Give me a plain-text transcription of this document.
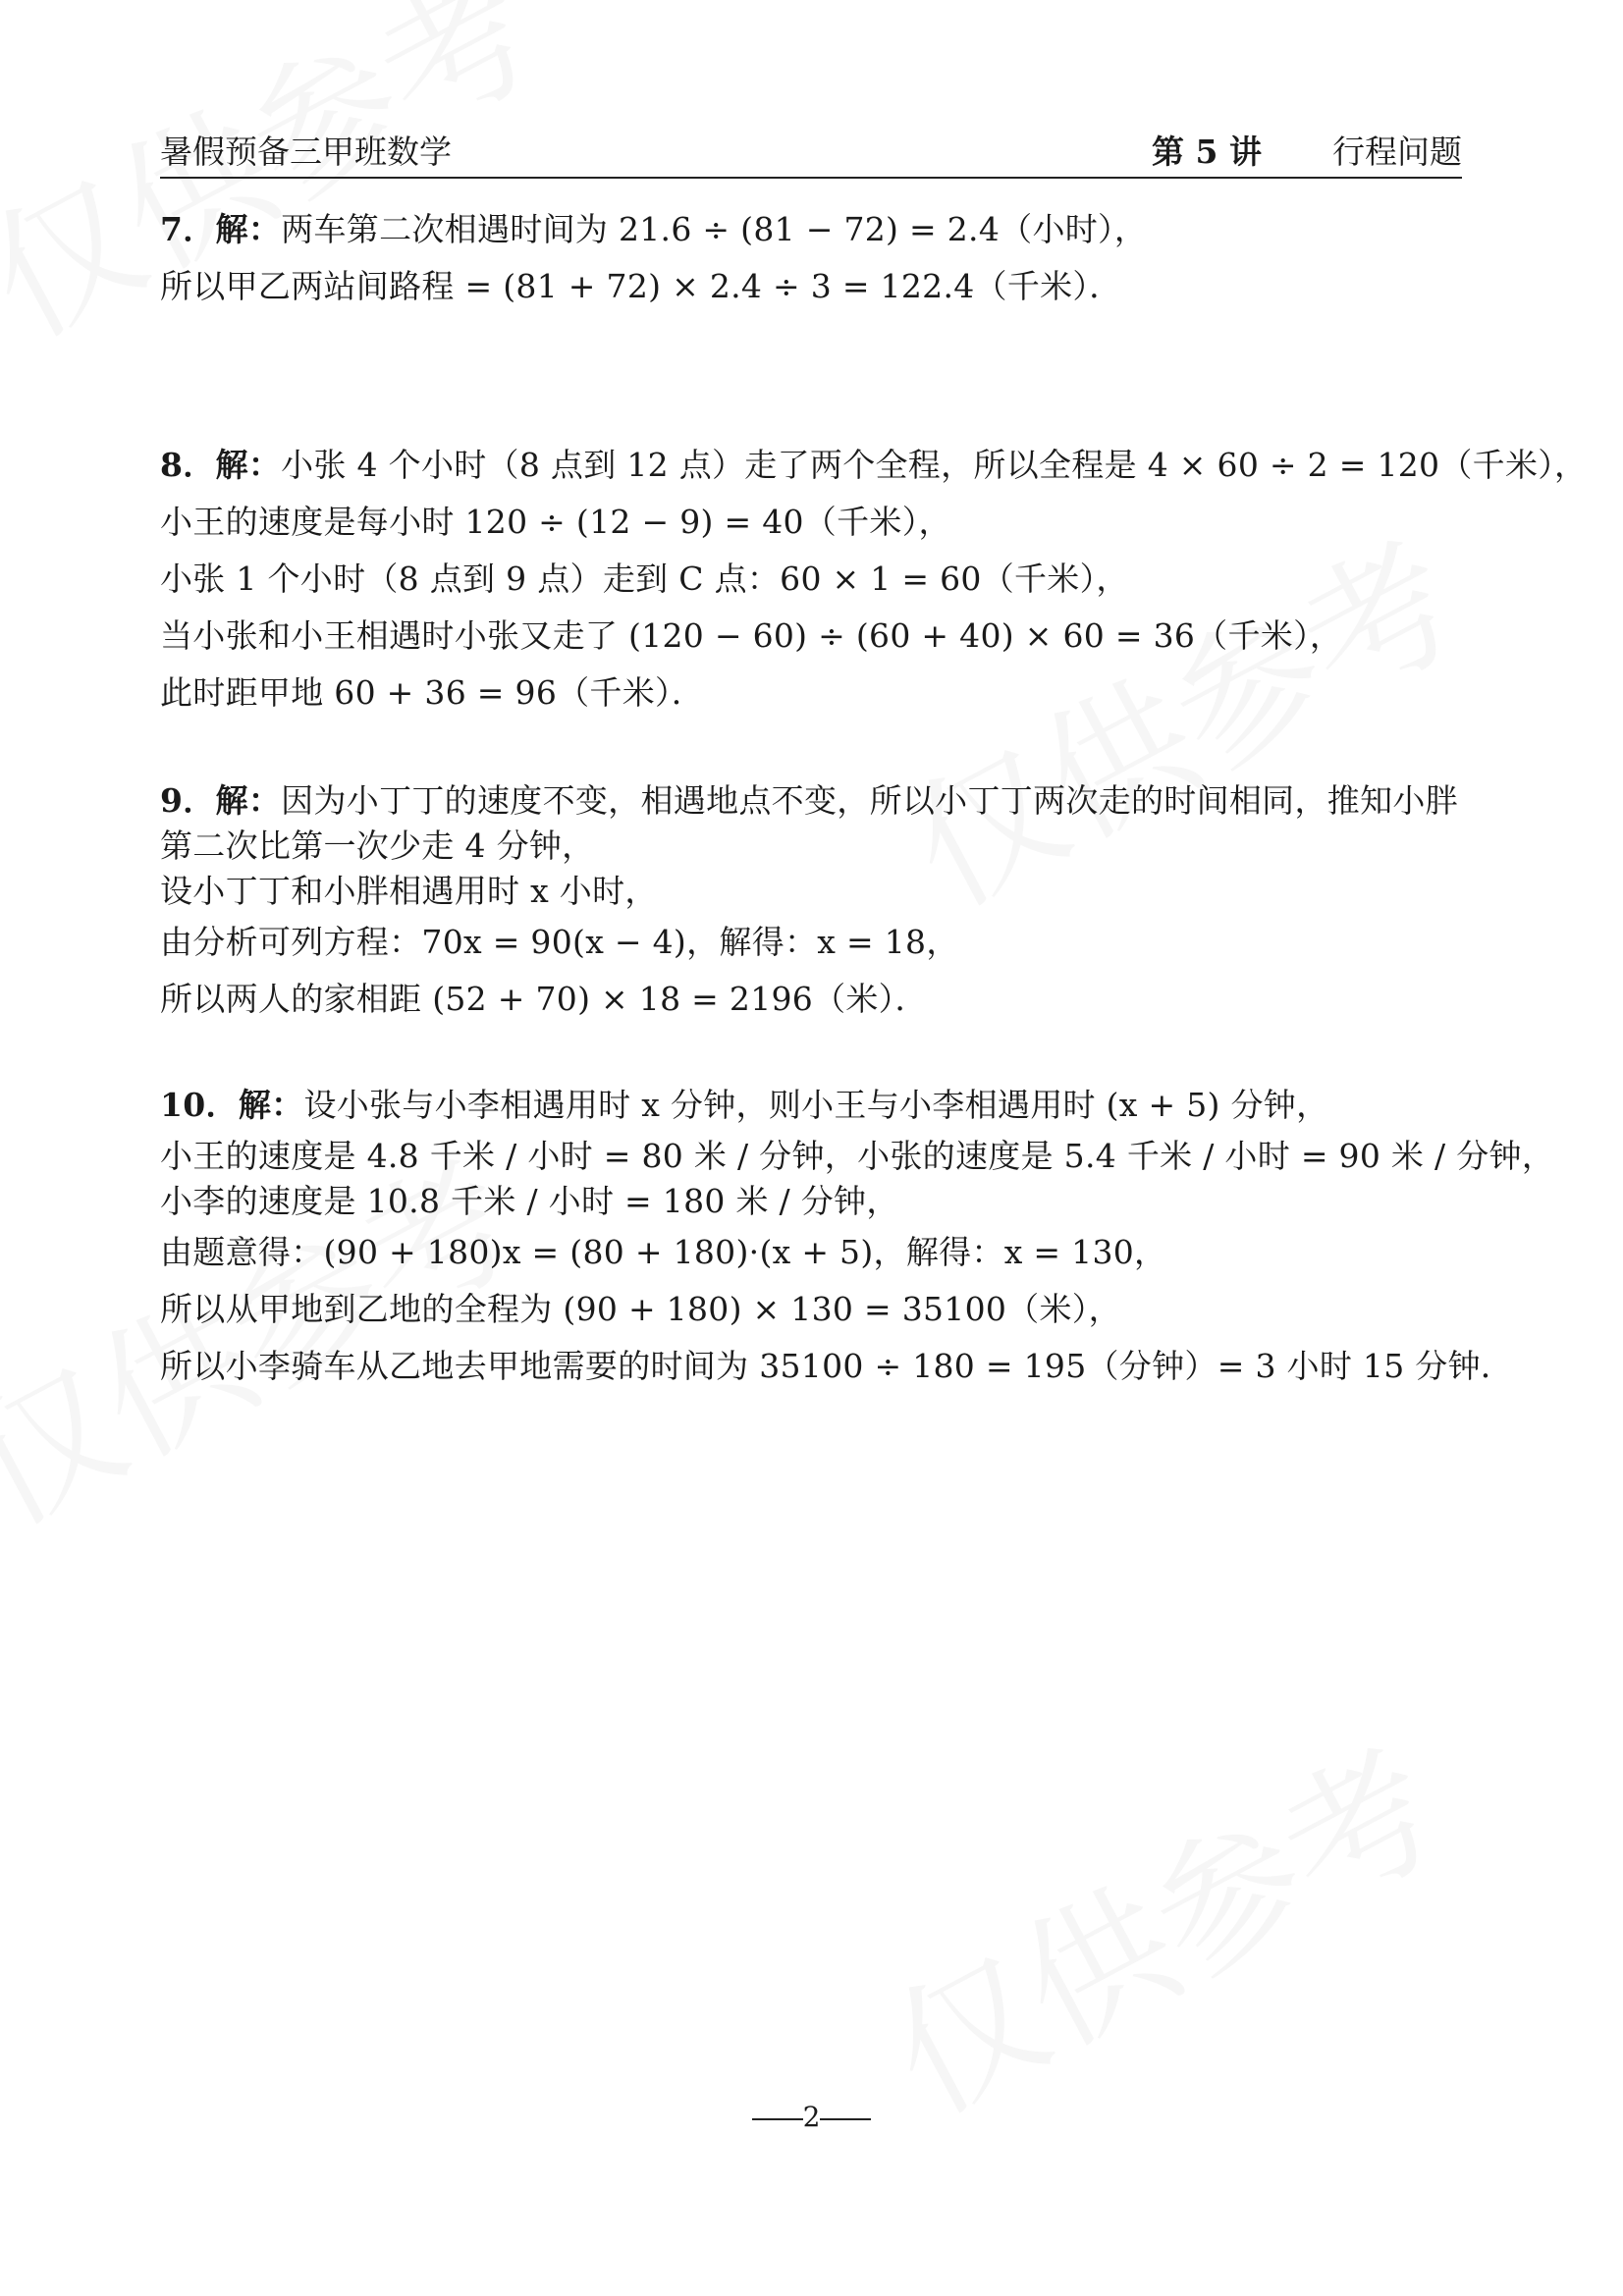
暑假预备三甲班数学	第 5 讲 行程问题
7．解：两车第二次相遇时间为 21.6 ÷ (81 − 72) = 2.4（小时），
所以甲乙两站间路程 = (81 + 72) × 2.4 ÷ 3 = 122.4（千米）．
8．解：小张 4 个小时（8 点到 12 点）走了两个全程，所以全程是 4 × 60 ÷ 2 = 120（千米），
小王的速度是每小时 120 ÷ (12 − 9) = 40（千米），
小张 1 个小时（8 点到 9 点）走到 C 点：60 × 1 = 60（千米），
当小张和小王相遇时小张又走了 (120 − 60) ÷ (60 + 40) × 60 = 36（千米），
此时距甲地 60 + 36 = 96（千米）．
9．解：因为小丁丁的速度不变，相遇地点不变，所以小丁丁两次走的时间相同，推知小胖
第二次比第一次少走 4 分钟，
设小丁丁和小胖相遇用时 x 小时，
由分析可列方程：70x = 90(x − 4)，解得：x = 18，
所以两人的家相距 (52 + 70) × 18 = 2196（米）．
10．解：设小张与小李相遇用时 x 分钟，则小王与小李相遇用时 (x + 5) 分钟，
小王的速度是 4.8 千米 / 小时 = 80 米 / 分钟，小张的速度是 5.4 千米 / 小时 = 90 米 / 分钟，
小李的速度是 10.8 千米 / 小时 = 180 米 / 分钟，
由题意得：(90 + 180)x = (80 + 180)·(x + 5)，解得：x = 130，
所以从甲地到乙地的全程为 (90 + 180) × 130 = 35100（米），
所以小李骑车从乙地去甲地需要的时间为 35100 ÷ 180 = 195（分钟）= 3 小时 15 分钟．
2
